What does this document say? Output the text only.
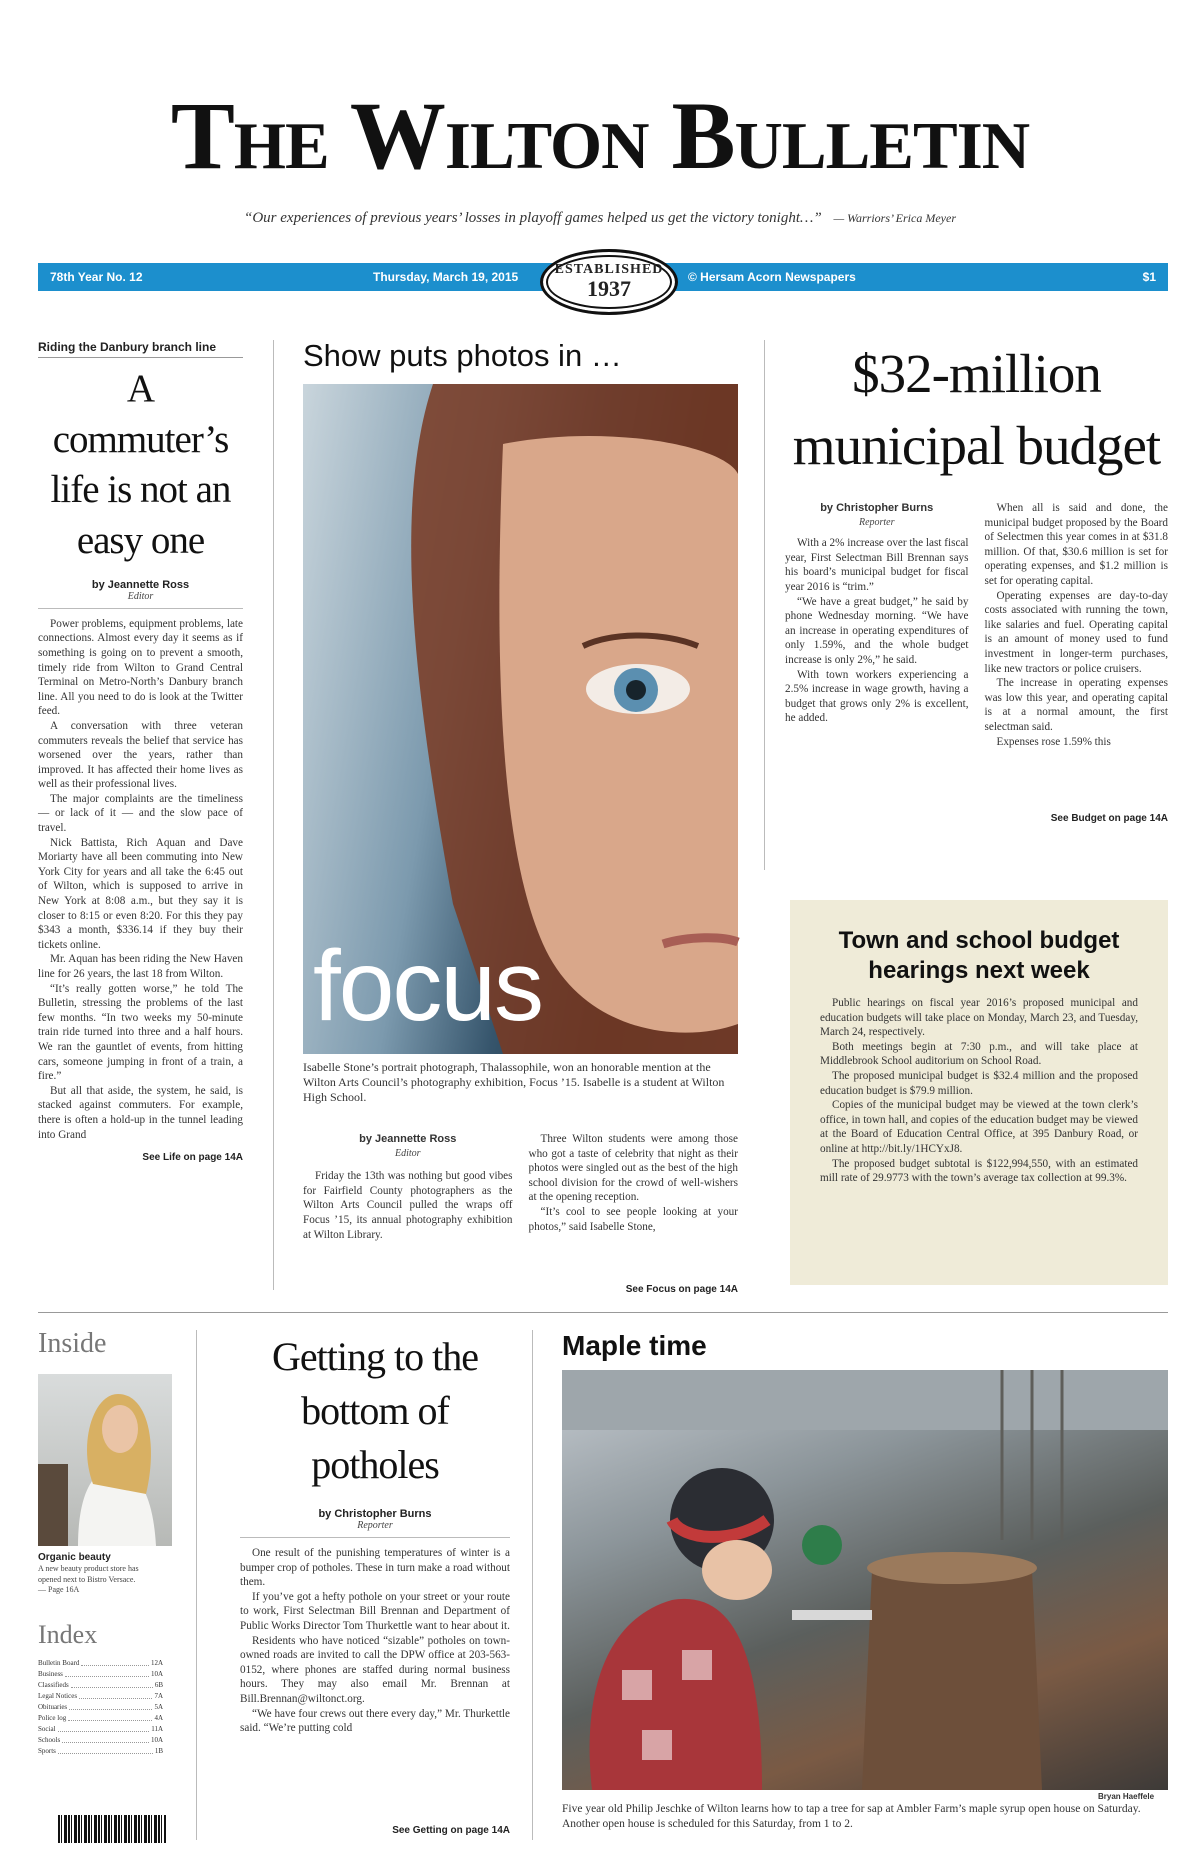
The Wilton Bulletin
“Our experiences of previous years’ losses in playoff games helped us get the victory tonight…” — Warriors’ Erica Meyer
78th Year No. 12	Thursday, March 19, 2015	© Hersam Acorn Newspapers	$1
ESTABLISHED
1937
Riding the Danbury branch line
A commuter’s life is not an easy one
by Jeannette Ross
Editor

Power problems, equipment problems, late connections. Almost every day it seems as if something is going on to prevent a smooth, timely ride from Wilton to Grand Central Terminal on Metro-North’s Danbury branch line. All you need to do is look at the Twitter feed.

A conversation with three veteran commuters reveals the belief that service has worsened over the years, rather than improved. It has affected their home lives as well as their professional lives.

The major complaints are the timeliness — or lack of it — and the slow pace of travel.

Nick Battista, Rich Aquan and Dave Moriarty have all been commuting into New York City for years and all take the 6:45 out of Wilton, which is supposed to arrive in New York at 8:08 a.m., but they say it is closer to 8:15 or even 8:20. For this they pay $343 a month, $336.14 if they buy their tickets online.

Mr. Aquan has been riding the New Haven line for 26 years, the last 18 from Wilton.

“It’s really gotten worse,” he told The Bulletin, stressing the problems of the last few months. “In two weeks my 50-minute train ride turned into three and a half hours. We ran the gauntlet of events, from hitting cars, someone jumping in front of a train, a fire.”

But all that aside, the system, he said, is stacked against commuters. For example, there is often a hold-up in the tunnel leading into Grand

See Life on page 14A
Show puts photos in …
focus
Isabelle Stone’s portrait photograph, Thalassophile, won an honorable mention at the Wilton Arts Council’s photography exhibition, Focus ’15. Isabelle is a student at Wilton High School.
by Jeannette Ross
Editor

Friday the 13th was nothing but good vibes for Fairfield County photographers as the Wilton Arts Council pulled the wraps off Focus ’15, its annual photography exhibition at Wilton Library.

Three Wilton students were among those who got a taste of celebrity that night as their photos were singled out as the best of the high school division for the crowd of well-wishers at the opening reception.

“It’s cool to see people looking at your photos,” said Isabelle Stone,

See Focus on page 14A
$32-million
municipal budget
by Christopher Burns
Reporter

With a 2% increase over the last fiscal year, First Selectman Bill Brennan says his board’s municipal budget for fiscal year 2016 is “trim.”

“We have a great budget,” he said by phone Wednesday morning. “We have an increase in operating expenditures of only 1.59%, and the whole budget increase is only 2%,” he said.

With town workers experiencing a 2.5% increase in wage growth, having a budget that grows only 2% is excellent, he added.

When all is said and done, the municipal budget proposed by the Board of Selectmen this year comes in at $31.8 million. Of that, $30.6 million is set for operating expenses, and $1.2 million is set for operating capital.

Operating expenses are day-to-day costs associated with running the town, like salaries and fuel. Operating capital is an amount of money used to fund investment in longer-term purchases, like new tractors or police cruisers.

The increase in operating expenses was low this year, and operating capital is at a normal amount, the first selectman said.

Expenses rose 1.59% this

See Budget on page 14A
Town and school budget hearings next week

Public hearings on fiscal year 2016’s proposed municipal and education budgets will take place on Monday, March 23, and Tuesday, March 24, respectively.

Both meetings begin at 7:30 p.m., and will take place at Middlebrook School auditorium on School Road.

The proposed municipal budget is $32.4 million and the proposed education budget is $79.9 million.

Copies of the municipal budget may be viewed at the town clerk’s office, in town hall, and copies of the education budget may be viewed at the Board of Education Central Office, at 395 Danbury Road, or online at http://bit.ly/1HCYxJ8.

The proposed budget subtotal is $122,994,550, with an estimated mill rate of 29.9773 with the town’s average tax collection at 99.3%.

Inside
Organic beauty
A new beauty product store has opened next to Bistro Versace.
— Page 16A
Index
Bulletin Board	12A
Business	10A
Classifieds	6B
Legal Notices	7A
Obituaries	5A
Police log	4A
Social	11A
Schools	10A
Sports	1B
Getting to the bottom of potholes
by Christopher Burns
Reporter

One result of the punishing temperatures of winter is a bumper crop of potholes. These in turn make a road without them.

If you’ve got a hefty pothole on your street or your route to work, First Selectman Bill Brennan and Department of Public Works Director Tom Thurkettle want to hear about it.

Residents who have noticed “sizable” potholes on town-owned roads are invited to call the DPW office at 203-563-0152, where phones are staffed during normal business hours. They may also email Mr. Brennan at Bill.Brennan@wiltonct.org.

“We have four crews out there every day,” Mr. Thurkettle said. “We’re putting cold

See Getting on page 14A
Maple time
Bryan Haeffele
Five year old Philip Jeschke of Wilton learns how to tap a tree for sap at Ambler Farm’s maple syrup open house on Saturday. Another open house is scheduled for this Saturday, from 1 to 2.
